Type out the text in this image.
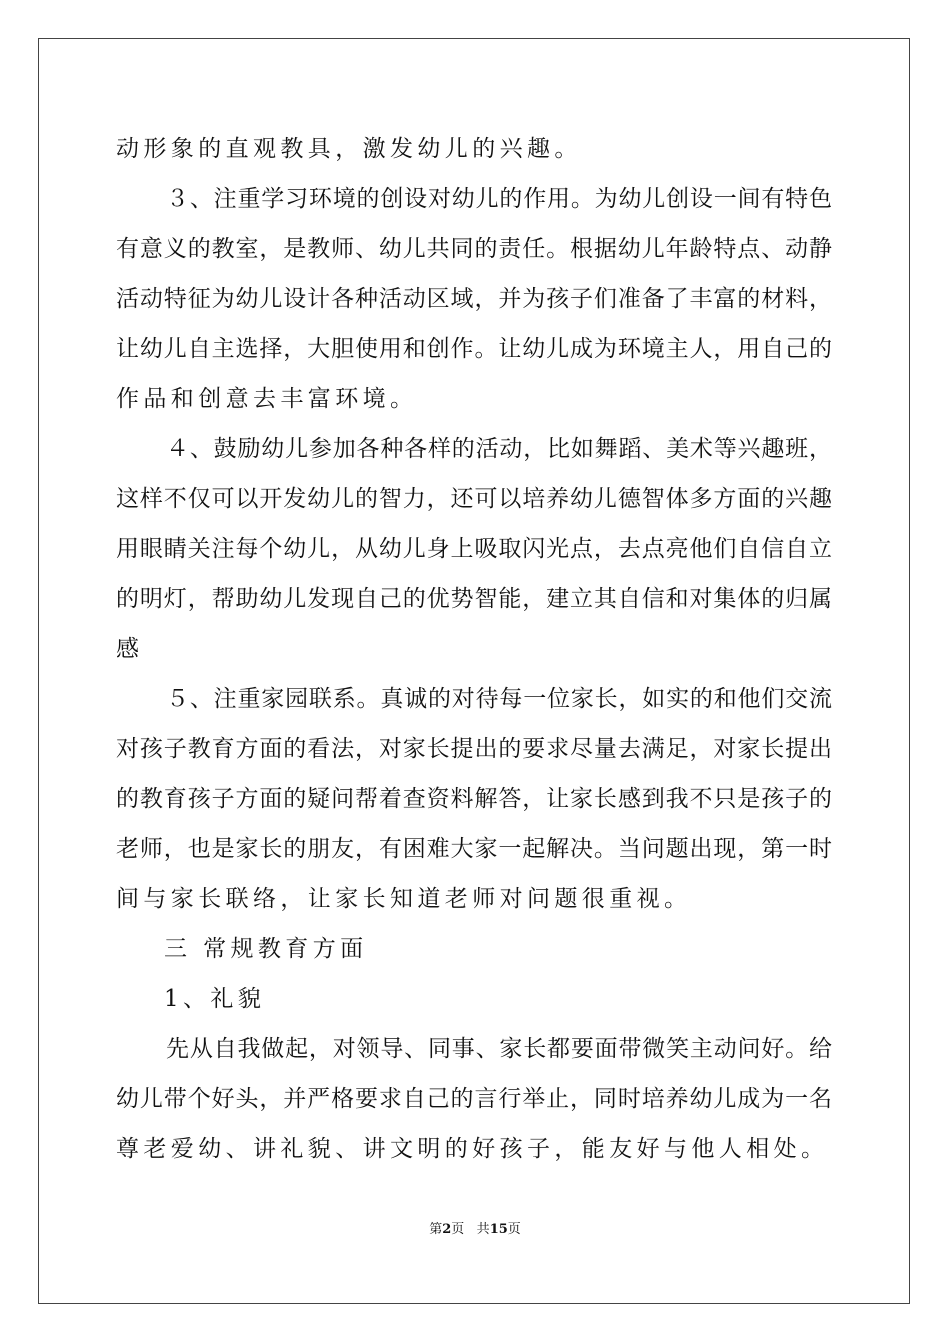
动形象的直观教具，激发幼儿的兴趣。
３、注重学习环境的创设对幼儿的作用。为幼儿创设一间有特色
有意义的教室，是教师、幼儿共同的责任。根据幼儿年龄特点、动静
活动特征为幼儿设计各种活动区域，并为孩子们准备了丰富的材料，
让幼儿自主选择，大胆使用和创作。让幼儿成为环境主人，用自己的
作品和创意去丰富环境。
４、鼓励幼儿参加各种各样的活动，比如舞蹈、美术等兴趣班，
这样不仅可以开发幼儿的智力，还可以培养幼儿德智体多方面的兴趣
用眼睛关注每个幼儿，从幼儿身上吸取闪光点，去点亮他们自信自立
的明灯，帮助幼儿发现自己的优势智能，建立其自信和对集体的归属
感
５、注重家园联系。真诚的对待每一位家长，如实的和他们交流
对孩子教育方面的看法，对家长提出的要求尽量去满足，对家长提出
的教育孩子方面的疑问帮着查资料解答，让家长感到我不只是孩子的
老师，也是家长的朋友，有困难大家一起解决。当问题出现，第一时
间与家长联络，让家长知道老师对问题很重视。
三 常规教育方面
1、礼貌
先从自我做起，对领导、同事、家长都要面带微笑主动问好。给
幼儿带个好头，并严格要求自己的言行举止，同时培养幼儿成为一名
尊老爱幼、讲礼貌、讲文明的好孩子，能友好与他人相处。
第2页 共15页
